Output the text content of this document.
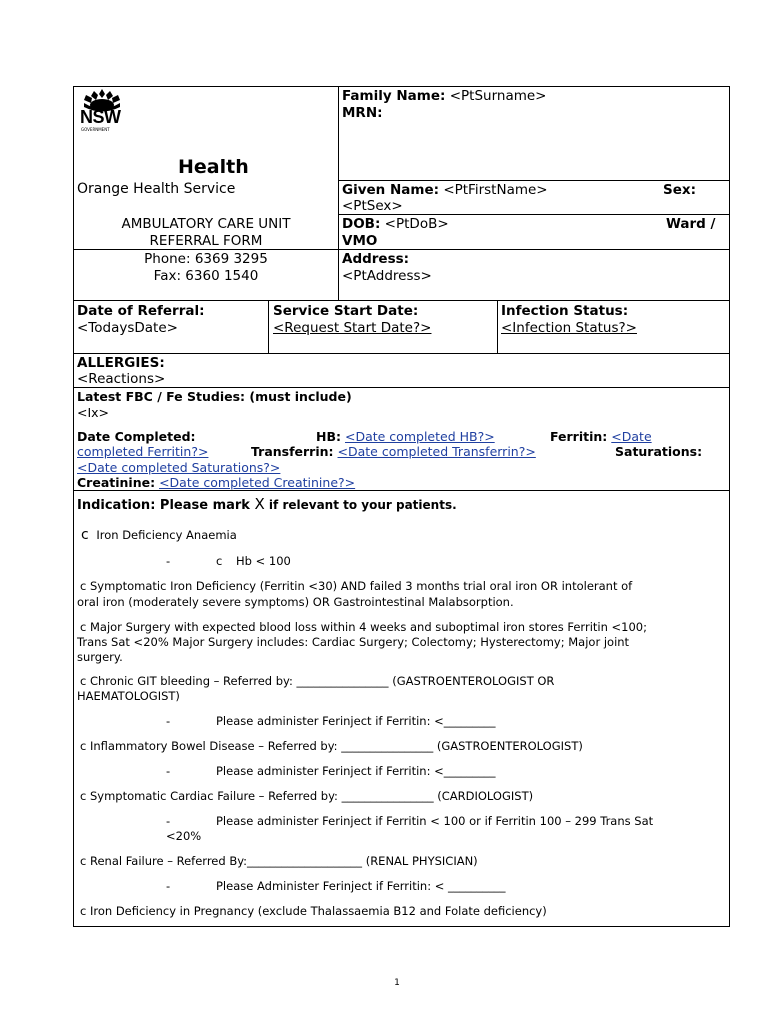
NSW
GOVERNMENT
Health
Orange Health Service
AMBULATORY CARE UNIT
REFERRAL FORM
Phone: 6369 3295
Fax: 6360 1540
Family Name: <PtSurname>
MRN:
Given Name: <PtFirstName>	Sex:
<PtSex>
DOB: <PtDoB>	Ward /
VMO
Address:
<PtAddress>
Date of Referral:
<TodaysDate>
Service Start Date:
<Request Start Date?>
Infection Status:
<Infection Status?>
ALLERGIES:
<Reactions>
Latest FBC / Fe Studies: (must include)
<Ix>
Date Completed:	HB: <Date completed HB?>	Ferritin: <Date
completed Ferritin?>	Transferrin: <Date completed Transferrin?>	Saturations:
<Date completed Saturations?>
Creatinine: <Date completed Creatinine?>
Indication: Please mark X if relevant to your patients.
c Iron Deficiency Anaemia
-	c Hb < 100
c Symptomatic Iron Deficiency (Ferritin <30) AND failed 3 months trial oral iron OR intolerant of
oral iron (moderately severe symptoms) OR Gastrointestinal Malabsorption.
c Major Surgery with expected blood loss within 4 weeks and suboptimal iron stores Ferritin <100;
Trans Sat <20% Major Surgery includes: Cardiac Surgery; Colectomy; Hysterectomy; Major joint
surgery.
c Chronic GIT bleeding – Referred by: ________________ (GASTROENTEROLOGIST OR
HAEMATOLOGIST)
-	Please administer Ferinject if Ferritin: <_________
c Inflammatory Bowel Disease – Referred by: ________________ (GASTROENTEROLOGIST)
-	Please administer Ferinject if Ferritin: <_________
c Symptomatic Cardiac Failure – Referred by: ________________ (CARDIOLOGIST)
-	Please administer Ferinject if Ferritin < 100 or if Ferritin 100 – 299 Trans Sat
<20%
c Renal Failure – Referred By:____________________ (RENAL PHYSICIAN)
-	Please Administer Ferinject if Ferritin: < __________
c Iron Deficiency in Pregnancy (exclude Thalassaemia B12 and Folate deficiency)
1
